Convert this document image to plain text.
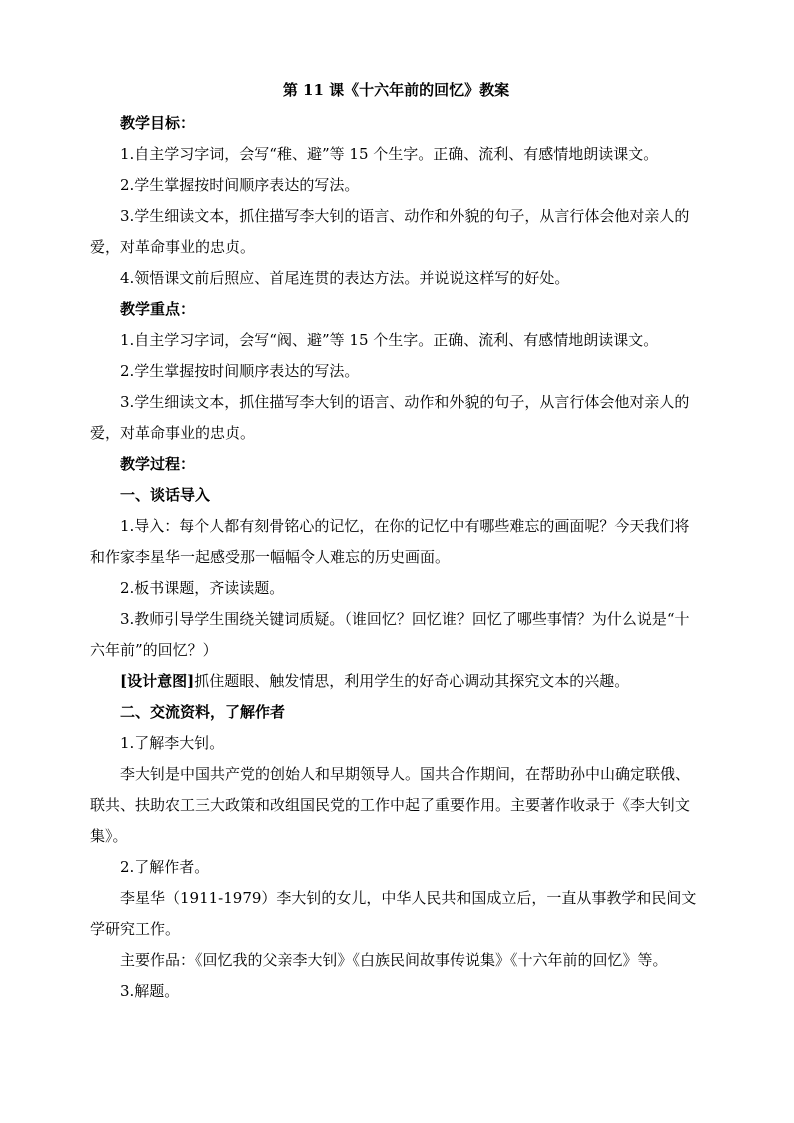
第 11 课《十六年前的回忆》教案

教学目标：

1.自主学习字词，会写“稚、避”等 15 个生字。正确、流利、有感情地朗读课文。

2.学生掌握按时间顺序表达的写法。

3.学生细读文本，抓住描写李大钊的语言、动作和外貌的句子，从言行体会他对亲人的爱，对革命事业的忠贞。

4.领悟课文前后照应、首尾连贯的表达方法。并说说这样写的好处。

教学重点：

1.自主学习字词，会写“阀、避”等 15 个生字。正确、流利、有感情地朗读课文。

2.学生掌握按时间顺序表达的写法。

3.学生细读文本，抓住描写李大钊的语言、动作和外貌的句子，从言行体会他对亲人的爱，对革命事业的忠贞。

教学过程：

一、谈话导入

1.导入：每个人都有刻骨铭心的记忆，在你的记忆中有哪些难忘的画面呢？今天我们将和作家李星华一起感受那一幅幅令人难忘的历史画面。

2.板书课题，齐读读题。

3.教师引导学生围绕关键词质疑。（谁回忆？回忆谁？回忆了哪些事情？为什么说是“十六年前”的回忆？）

[设计意图]抓住题眼、触发情思，利用学生的好奇心调动其探究文本的兴趣。

二、交流资料，了解作者

1.了解李大钊。

李大钊是中国共产党的创始人和早期领导人。国共合作期间，在帮助孙中山确定联俄、联共、扶助农工三大政策和改组国民党的工作中起了重要作用。主要著作收录于《李大钊文集》。

2.了解作者。

李星华（1911-1979）李大钊的女儿，中华人民共和国成立后，一直从事教学和民间文学研究工作。

主要作品：《回忆我的父亲李大钊》《白族民间故事传说集》《十六年前的回忆》等。

3.解题。
